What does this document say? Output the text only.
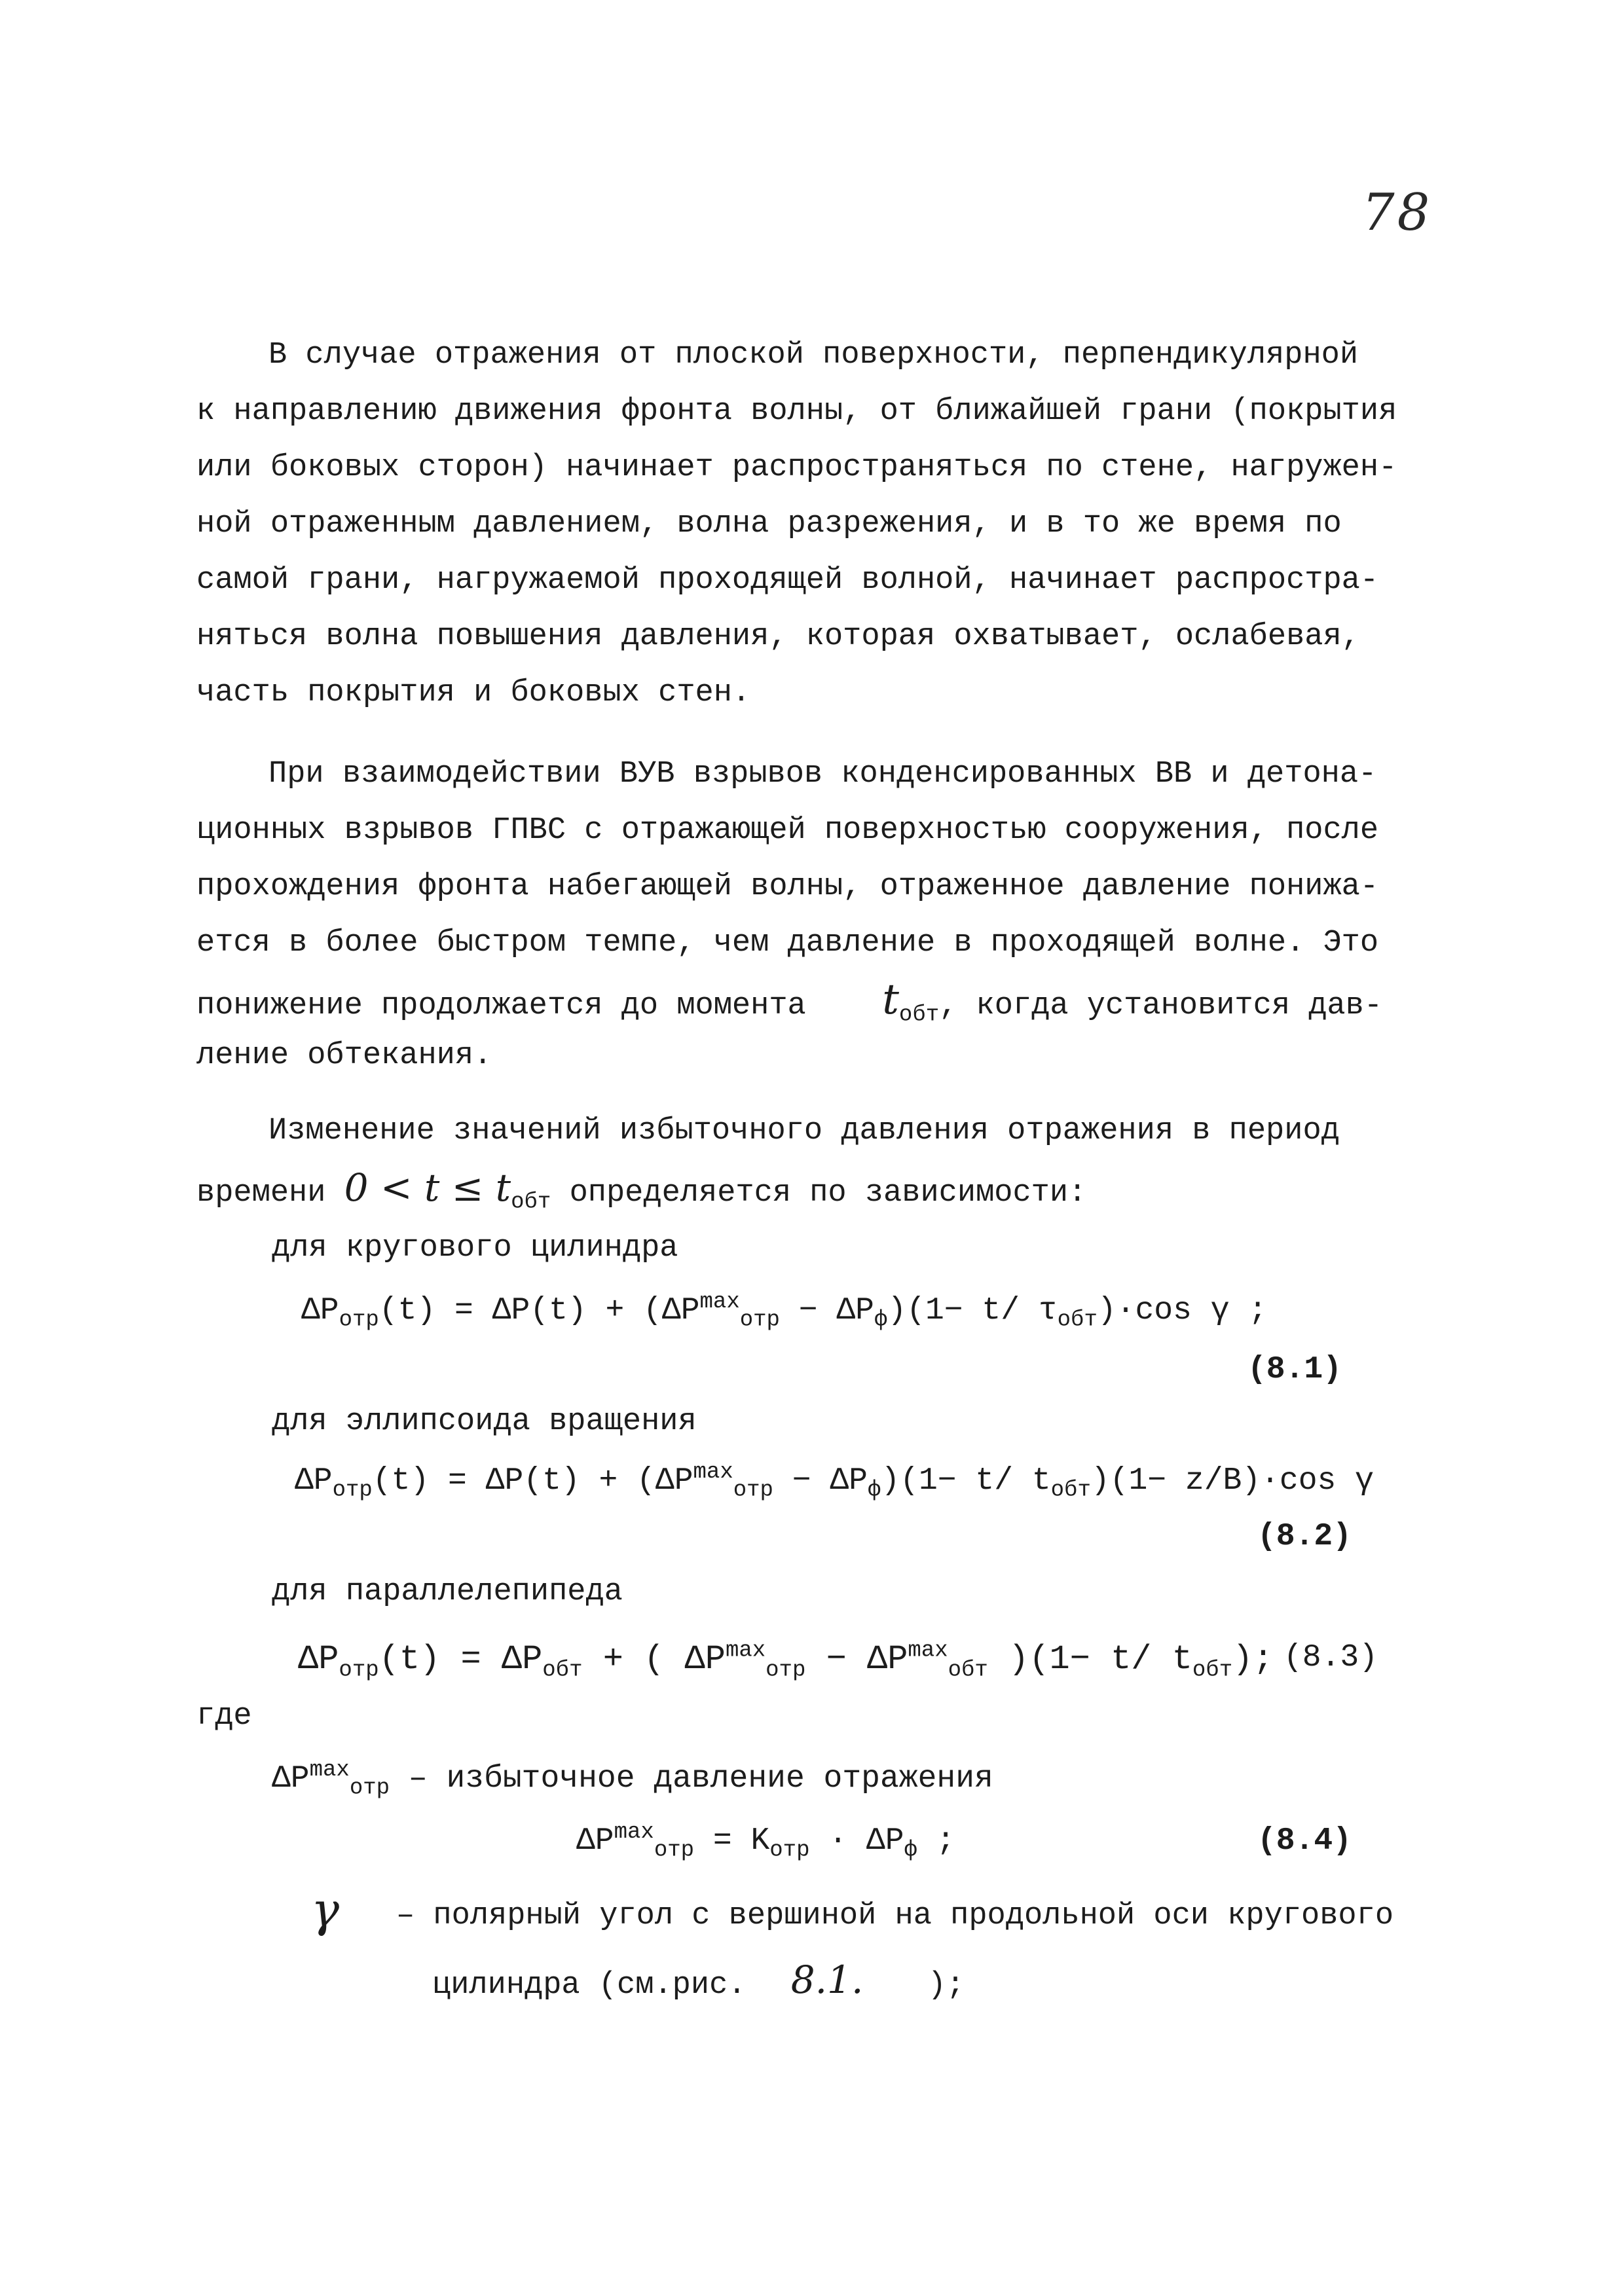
78
В случае отражения от плоской поверхности, перпендикулярной
к направлению движения фронта волны, от ближайшей грани (покрытия
или боковых сторон) начинает распространяться по стене, нагружен-
ной отраженным давлением, волна разрежения, и в то же время по
самой грани, нагружаемой проходящей волной, начинает распростра-
няться волна повышения давления, которая охватывает, ослабевая,
часть покрытия и боковых стен.
При взаимодействии ВУВ взрывов конденсированных ВВ и детона-
ционных взрывов ГПВС с отражающей поверхностью сооружения, после
прохождения фронта набегающей волны, отраженное давление понижа-
ется в более быстром темпе, чем давление в проходящей волне. Это
понижение продолжается до момента $t_{обт}$, когда установится дав-
ление обтекания.
Изменение значений избыточного давления отражения в период
времени $0 < t \le t_{обт}$ определяется по зависимости:
для кругового цилиндра
$\Delta P_{отр}(t) = \Delta P(t) + (\Delta P^{max}_{отр} - \Delta P_ф)(1- t/$ $\tau_{обт})\cdot\cos$ γ ;
(8.1)
для эллипсоида вращения
$\Delta P_{отр}(t) = \Delta P(t) + (\Delta P^{max}_{отр} - \Delta P_ф)(1- t/$ $t_{обт})(1- z/B)\cdot\cos$ γ
(8.2)
для параллелепипеда
$\Delta P_{отр}(t) = \Delta P_{обт}$ + ( $\Delta P^{max}_{отр} - \Delta P^{max}_{обт}$ )(1− t/ $t_{обт}$); (8.3)
где
$\Delta P^{max}_{отр}$ – избыточное давление отражения
$\Delta P^{max}_{отр} = K_{отр} \cdot \Delta P_ф$ ;	(8.4)
γ – полярный угол с вершиной на продольной оси кругового
цилиндра (см.рис. 8.1. );
